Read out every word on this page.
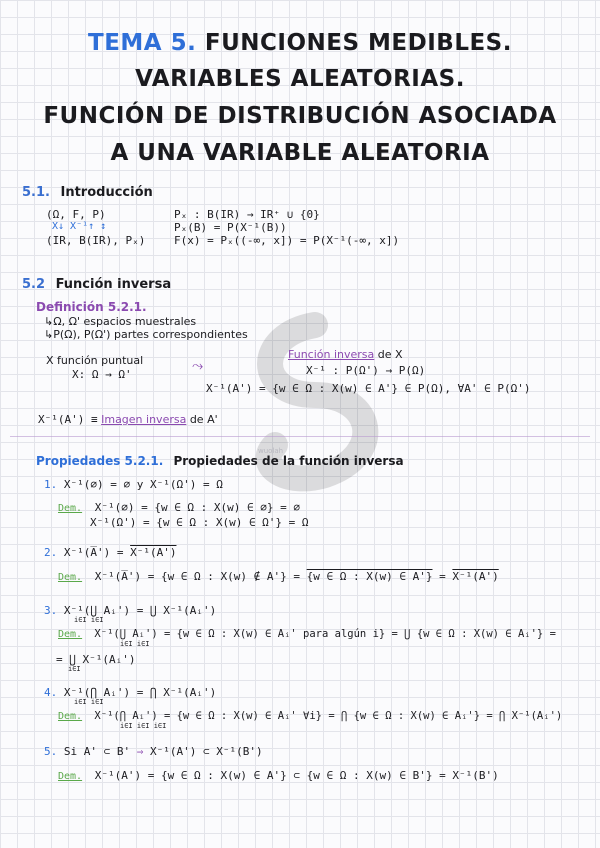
wuolah
TEMA 5. FUNCIONES MEDIBLES.
VARIABLES ALEATORIAS.
FUNCIÓN DE DISTRIBUCIÓN ASOCIADA
A UNA VARIABLE ALEATORIA
5.1. Introducción
(Ω, F, P)
X↓ X⁻¹↑ ↕
(IR, B(IR), Pₓ)
Pₓ : B(IR) → IR⁺ ∪ {0}
Pₓ(B) = P(X⁻¹(B))
F(x) = Pₓ((-∞, x]) = P(X⁻¹(-∞, x])
5.2 Función inversa
Definición 5.2.1.
↳Ω, Ω' espacios muestrales
↳P(Ω), P(Ω') partes correspondientes
X función puntual
X: Ω → Ω'
⤳
Función inversa de X
X⁻¹ : P(Ω') → P(Ω)
X⁻¹(A') = {w ∈ Ω : X(w) ∈ A'} ∈ P(Ω), ∀A' ∈ P(Ω')
X⁻¹(A') ≡ Imagen inversa de A'
Propiedades 5.2.1. Propiedades de la función inversa
1. X⁻¹(∅) = ∅ y X⁻¹(Ω') = Ω
Dem. X⁻¹(∅) = {w ∈ Ω : X(w) ∈ ∅} = ∅
X⁻¹(Ω') = {w ∈ Ω : X(w) ∈ Ω'} = Ω
2. X⁻¹(A̅') = X⁻¹(A')
Dem. X⁻¹(A̅') = {w ∈ Ω : X(w) ∉ A'} = {w ∈ Ω : X(w) ∈ A'} = X⁻¹(A')
3. X⁻¹(⋃ Aᵢ') = ⋃ X⁻¹(Aᵢ')
i∈I i∈I
Dem. X⁻¹(⋃ Aᵢ') = {w ∈ Ω : X(w) ∈ Aᵢ' para algún i} = ⋃ {w ∈ Ω : X(w) ∈ Aᵢ'} =
i∈I i∈I
= ⋃ X⁻¹(Aᵢ')
i∈I
4. X⁻¹(⋂ Aᵢ') = ⋂ X⁻¹(Aᵢ')
i∈I i∈I
Dem. X⁻¹(⋂ Aᵢ') = {w ∈ Ω : X(w) ∈ Aᵢ' ∀i} = ⋂ {w ∈ Ω : X(w) ∈ Aᵢ'} = ⋂ X⁻¹(Aᵢ')
i∈I i∈I i∈I
5. Si A' ⊂ B' ⇒ X⁻¹(A') ⊂ X⁻¹(B')
Dem. X⁻¹(A') = {w ∈ Ω : X(w) ∈ A'} ⊂ {w ∈ Ω : X(w) ∈ B'} = X⁻¹(B')
